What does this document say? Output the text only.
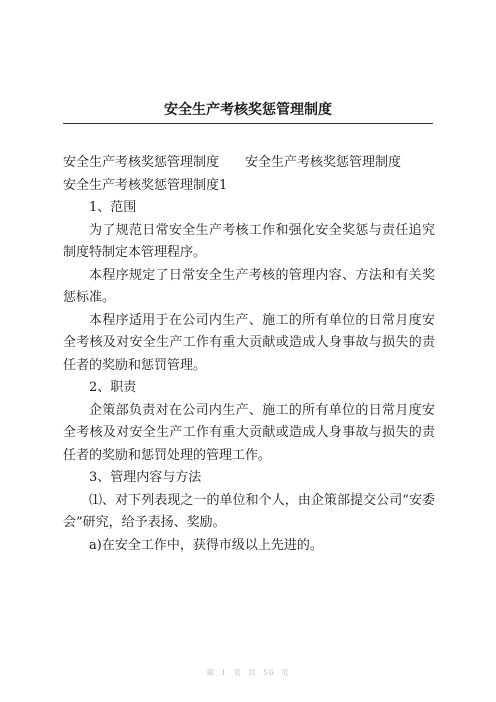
安全生产考核奖惩管理制度

安全生产考核奖惩管理制度 安全生产考核奖惩管理制度

安全生产考核奖惩管理制度1

1、范围

为了规范日常安全生产考核工作和强化安全奖惩与责任追究制度特制定本管理程序。

本程序规定了日常安全生产考核的管理内容、方法和有关奖惩标准。

本程序适用于在公司内生产、施工的所有单位的日常月度安全考核及对安全生产工作有重大贡献或造成人身事故与损失的责任者的奖励和惩罚管理。

2、职责

企策部负责对在公司内生产、施工的所有单位的日常月度安全考核及对安全生产工作有重大贡献或造成人身事故与损失的责任者的奖励和惩罚处理的管理工作。

3、管理内容与方法

⑴、对下列表现之一的单位和个人，由企策部提交公司“安委会”研究，给予表扬、奖励。

a)在安全工作中，获得市级以上先进的。

第 1 页 共 56 页
